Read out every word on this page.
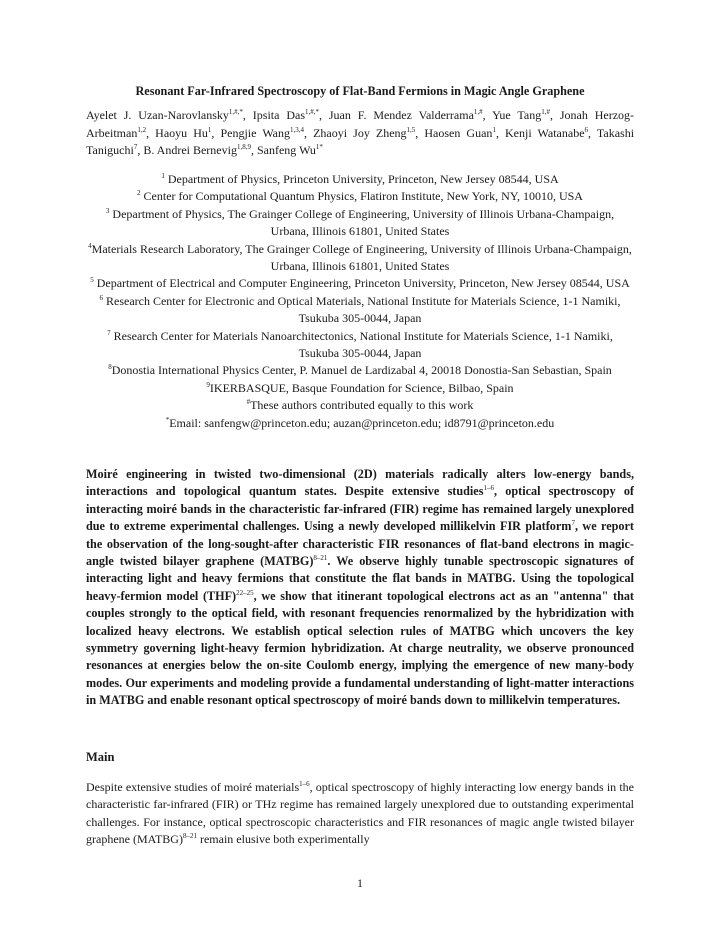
Resonant Far-Infrared Spectroscopy of Flat-Band Fermions in Magic Angle Graphene
Ayelet J. Uzan-Narovlansky$^{1,\#,*}$, Ipsita Das$^{1,\#,*}$, Juan F. Mendez Valderrama$^{1,\#}$, Yue Tang$^{1,\#}$, Jonah Herzog-Arbeitman$^{1,2}$, Haoyu Hu$^1$, Pengjie Wang$^{1,3,4}$, Zhaoyi Joy Zheng$^{1,5}$, Haosen Guan$^1$, Kenji Watanabe$^6$, Takashi Taniguchi$^7$, B. Andrei Bernevig$^{1,8,9}$, Sanfeng $Wu^{1*}$
$^1$ Department of Physics, Princeton University, Princeton, New Jersey 08544, USA
$^2$ Center for Computational Quantum Physics, Flatiron Institute, New York, NY, 10010, USA
$^3$ Department of Physics, The Grainger College of Engineering, University of Illinois Urbana-Champaign, Urbana, Illinois 61801, United States
$^4$Materials Research Laboratory, The Grainger College of Engineering, University of Illinois Urbana-Champaign, Urbana, Illinois 61801, United States
$^5$ Department of Electrical and Computer Engineering, Princeton University, Princeton, New Jersey 08544, USA
$^6$ Research Center for Electronic and Optical Materials, National Institute for Materials Science, 1-1 Namiki, Tsukuba 305-0044, Japan
$^7$ Research Center for Materials Nanoarchitectonics, National Institute for Materials Science, 1-1 Namiki, Tsukuba 305-0044, Japan
$^8$Donostia International Physics Center, P. Manuel de Lardizabal 4, 20018 Donostia-San Sebastian, Spain
$^9$IKERBASQUE, Basque Foundation for Science, Bilbao, Spain
#These authors contributed equally to this work
*Email: sanfengw@princeton.edu; auzan@princeton.edu; id8791@princeton.edu
Moiré engineering in twisted two-dimensional (2D) materials radically alters low-energy bands, interactions and topological quantum states. Despite extensive studies$^{1-6}$, optical spectroscopy of interacting moiré bands in the characteristic far-infrared (FIR) regime has remained largely unexplored due to extreme experimental challenges. Using a newly developed millikelvin FIR platform$^7$, we report the observation of the long-sought-after characteristic FIR resonances of flat-band electrons in magic-angle twisted bilayer graphene (MATBG)$^{8-21}$. We observe highly tunable spectroscopic signatures of interacting light and heavy fermions that constitute the flat bands in MATBG. Using the topological heavy-fermion model (THF)$^{22-25}$, we show that itinerant topological electrons act as an "antenna" that couples strongly to the optical field, with resonant frequencies renormalized by the hybridization with localized heavy electrons. We establish optical selection rules of MATBG which uncovers the key symmetry governing light-heavy fermion hybridization. At charge neutrality, we observe pronounced resonances at energies below the on-site Coulomb energy, implying the emergence of new many-body modes. Our experiments and modeling provide a fundamental understanding of light-matter interactions in MATBG and enable resonant optical spectroscopy of moiré bands down to millikelvin temperatures.
Main
Despite extensive studies of moiré materials$^{1-6}$, optical spectroscopy of highly interacting low energy bands in the characteristic far-infrared (FIR) or THz regime has remained largely unexplored due to outstanding experimental challenges. For instance, optical spectroscopic characteristics and FIR resonances of magic angle twisted bilayer graphene (MATBG)$^{8-21}$ remain elusive both experimentally
1
